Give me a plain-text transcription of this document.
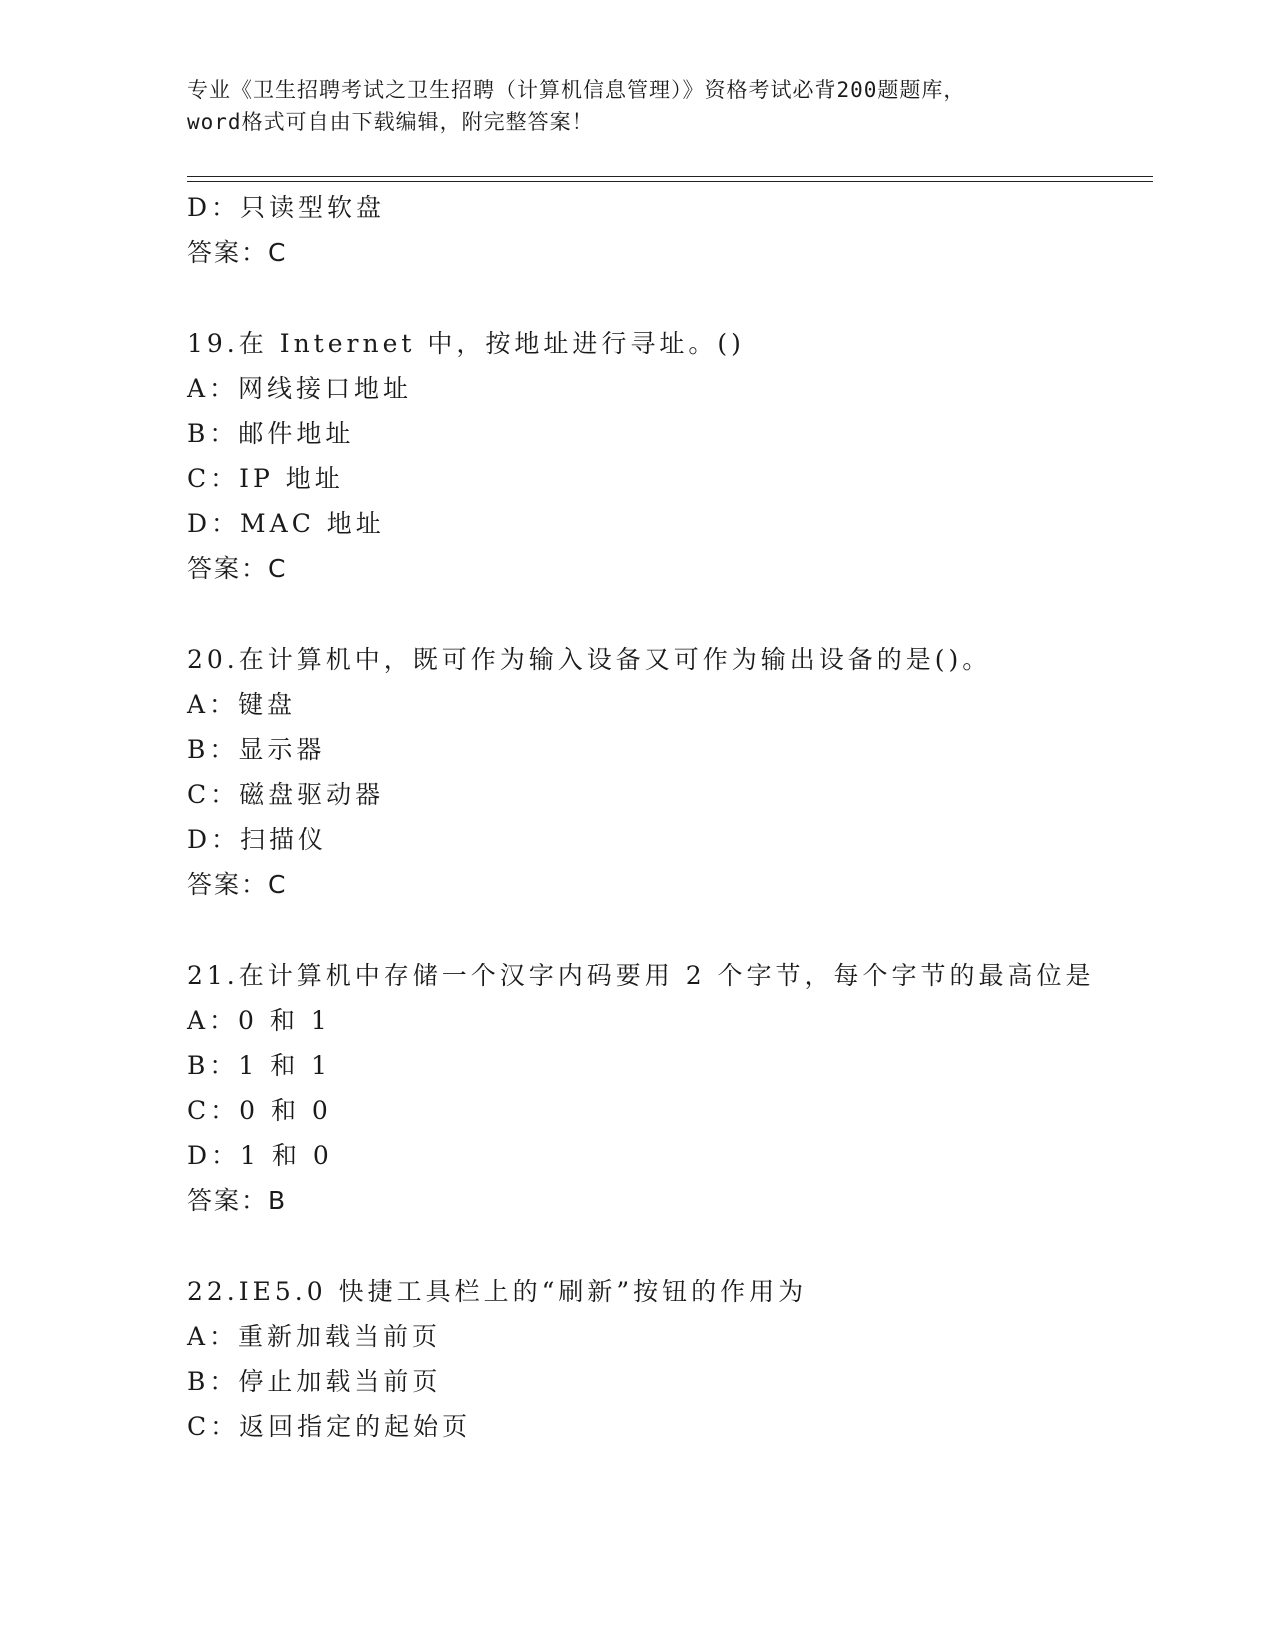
专业《卫生招聘考试之卫生招聘（计算机信息管理）》资格考试必背200题题库，

word格式可自由下载编辑，附完整答案！

D：只读型软盘

答案：C

19.在 Internet 中，按地址进行寻址。()

A：网线接口地址

B：邮件地址

C：IP 地址

D：MAC 地址

答案：C

20.在计算机中，既可作为输入设备又可作为输出设备的是()。

A：键盘

B：显示器

C：磁盘驱动器

D：扫描仪

答案：C

21.在计算机中存储一个汉字内码要用 2 个字节，每个字节的最高位是

A：0 和 1

B：1 和 1

C：0 和 0

D：1 和 0

答案：B

22.IE5.0 快捷工具栏上的“刷新”按钮的作用为

A：重新加载当前页

B：停止加载当前页

C：返回指定的起始页
